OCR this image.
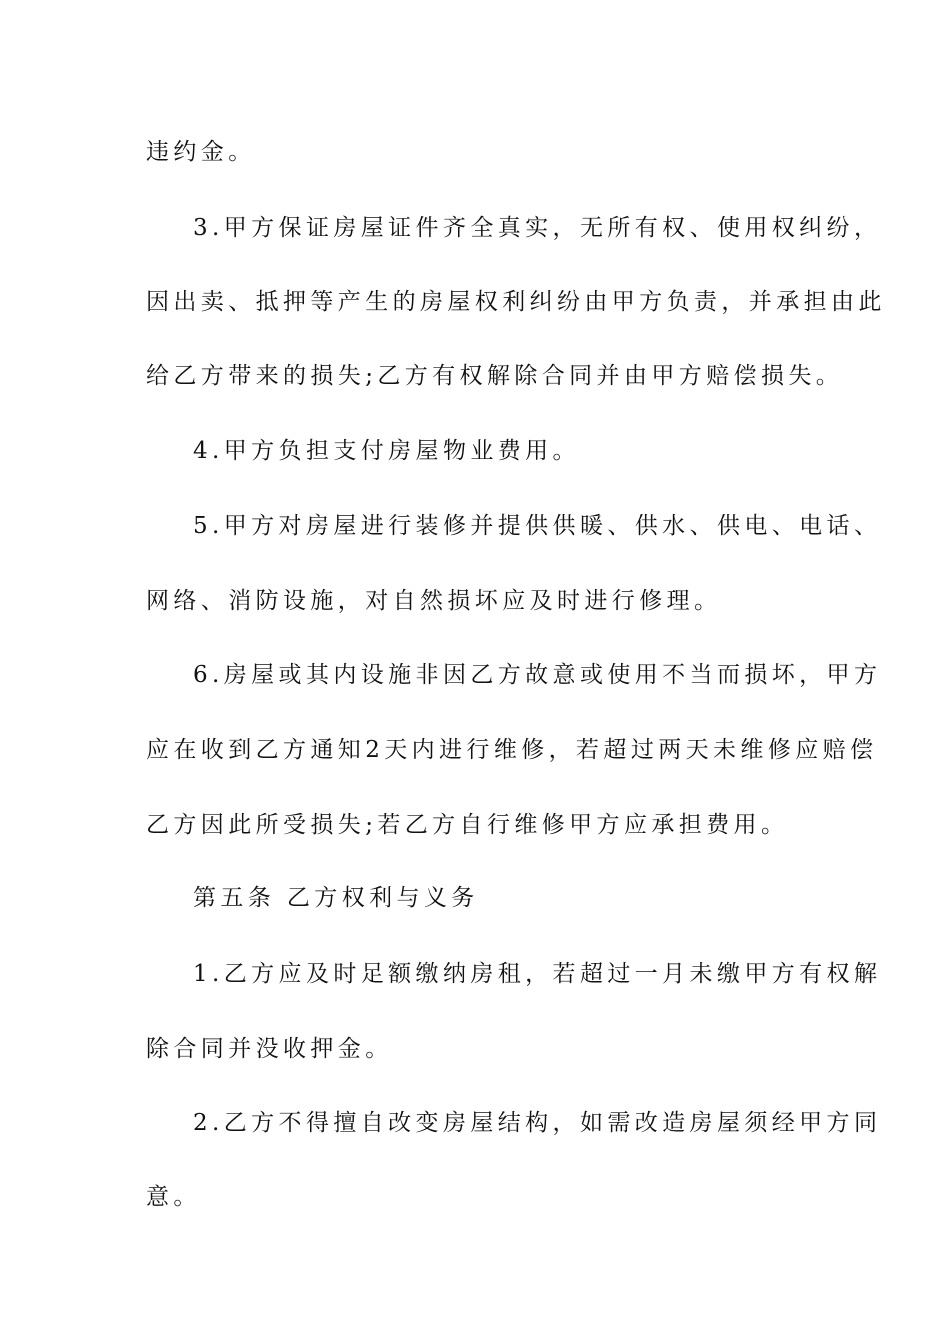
违约金。
3.甲方保证房屋证件齐全真实，无所有权、使用权纠纷，
因出卖、抵押等产生的房屋权利纠纷由甲方负责，并承担由此
给乙方带来的损失;乙方有权解除合同并由甲方赔偿损失。
4.甲方负担支付房屋物业费用。
5.甲方对房屋进行装修并提供供暖、供水、供电、电话、
网络、消防设施，对自然损坏应及时进行修理。
6.房屋或其内设施非因乙方故意或使用不当而损坏，甲方
应在收到乙方通知2天内进行维修，若超过两天未维修应赔偿
乙方因此所受损失;若乙方自行维修甲方应承担费用。
第五条 乙方权利与义务
1.乙方应及时足额缴纳房租，若超过一月未缴甲方有权解
除合同并没收押金。
2.乙方不得擅自改变房屋结构，如需改造房屋须经甲方同
意。
